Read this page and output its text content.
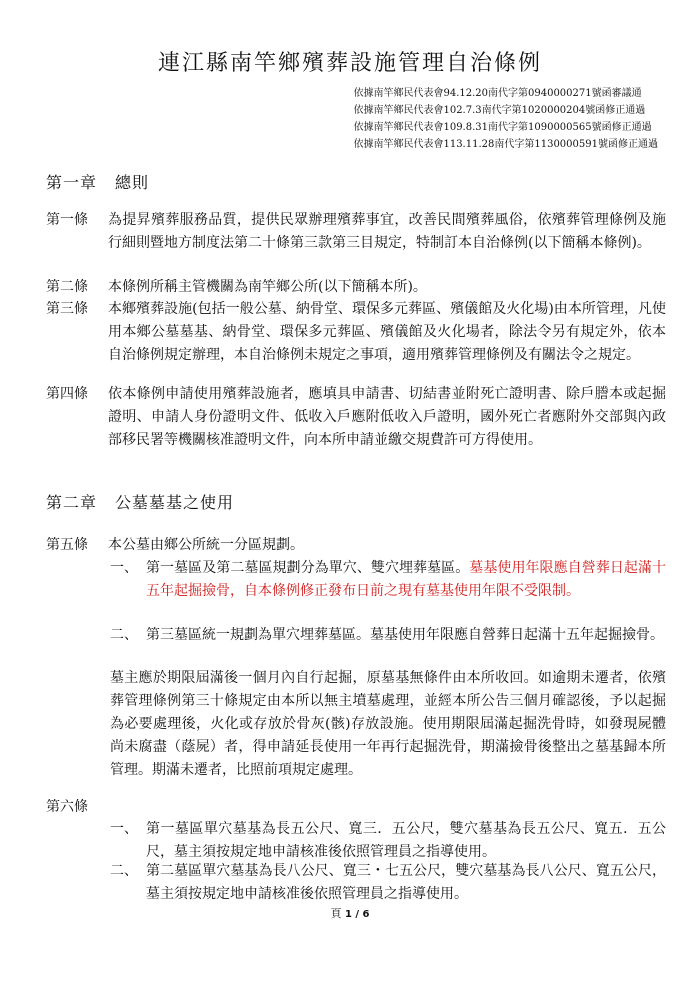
連江縣南竿鄉殯葬設施管理自治條例
依據南竿鄉民代表會94.12.20南代字第0940000271號函審議通
依據南竿鄉民代表會102.7.3南代字第1020000204號函修正通過
依據南竿鄉民代表會109.8.31南代字第1090000565號函修正通過
依據南竿鄉民代表會113.11.28南代字第1130000591號函修正通過
第一章 總則
第一條	為提昇殯葬服務品質，提供民眾辦理殯葬事宜，改善民間殯葬風俗，依殯葬管理條例及施行細則暨地方制度法第二十條第三款第三目規定，特制訂本自治條例(以下簡稱本條例)。
第二條	本條例所稱主管機關為南竿鄉公所(以下簡稱本所)。
第三條	本鄉殯葬設施(包括一般公墓、納骨堂、環保多元葬區、殯儀館及火化場)由本所管理，凡使用本鄉公墓墓基、納骨堂、環保多元葬區、殯儀館及火化場者，除法令另有規定外，依本自治條例規定辦理，本自治條例未規定之事項，適用殯葬管理條例及有關法令之規定。
第四條	依本條例申請使用殯葬設施者，應填具申請書、切結書並附死亡證明書、除戶謄本或起掘證明、申請人身份證明文件、低收入戶應附低收入戶證明，國外死亡者應附外交部與內政部移民署等機關核准證明文件，向本所申請並繳交規費許可方得使用。
第二章 公墓墓基之使用
第五條	本公墓由鄉公所統一分區規劃。
一、 第一墓區及第二墓區規劃分為單穴、雙穴埋葬墓區。墓基使用年限應自營葬日起滿十五年起掘撿骨，自本條例修正發布日前之現有墓基使用年限不受限制。
二、 第三墓區統一規劃為單穴埋葬墓區。墓基使用年限應自營葬日起滿十五年起掘撿骨。
墓主應於期限屆滿後一個月內自行起掘，原墓基無條件由本所收回。如逾期未遷者，依殯葬管理條例第三十條規定由本所以無主墳墓處理，並經本所公告三個月確認後，予以起掘為必要處理後，火化或存放於骨灰(骸)存放設施。使用期限屆滿起掘洗骨時，如發現屍體尚未腐盡（蔭屍）者，得申請延長使用一年再行起掘洗骨，期滿撿骨後整出之墓基歸本所管理。期滿未遷者，比照前項規定處理。
第六條
一、 第一墓區單穴墓基為長五公尺、寬三．五公尺，雙穴墓基為長五公尺、寬五．五公尺，墓主須按規定地申請核准後依照管理員之指導使用。
二、 第二墓區單穴墓基為長八公尺、寬三・七五公尺，雙穴墓基為長八公尺、寬五公尺，墓主須按規定地申請核准後依照管理員之指導使用。
頁 1 / 6
